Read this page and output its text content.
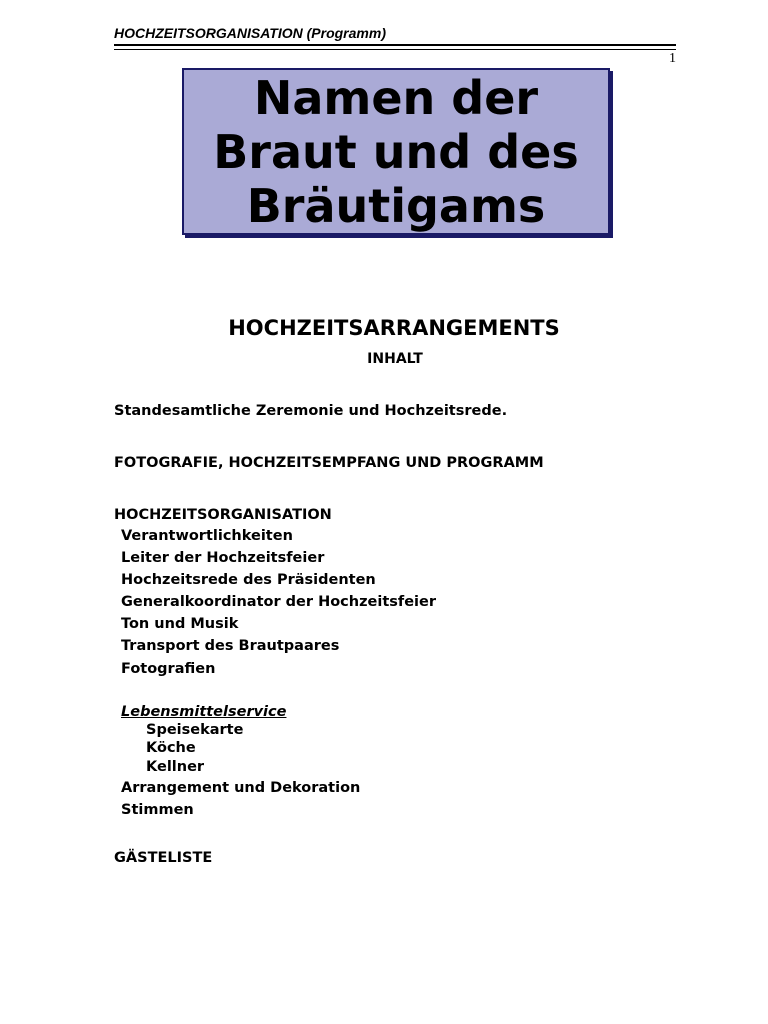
HOCHZEITSORGANISATION (Programm)
1
Namen der
Braut und des
Bräutigams
HOCHZEITSARRANGEMENTS
INHALT
Standesamtliche Zeremonie und Hochzeitsrede.
FOTOGRAFIE, HOCHZEITSEMPFANG UND PROGRAMM
HOCHZEITSORGANISATION
Verantwortlichkeiten
Leiter der Hochzeitsfeier
Hochzeitsrede des Präsidenten
Generalkoordinator der Hochzeitsfeier
Ton und Musik
Transport des Brautpaares
Fotografien
Lebensmittelservice
Speisekarte
Köche
Kellner
Arrangement und Dekoration
Stimmen
GÄSTELISTE
